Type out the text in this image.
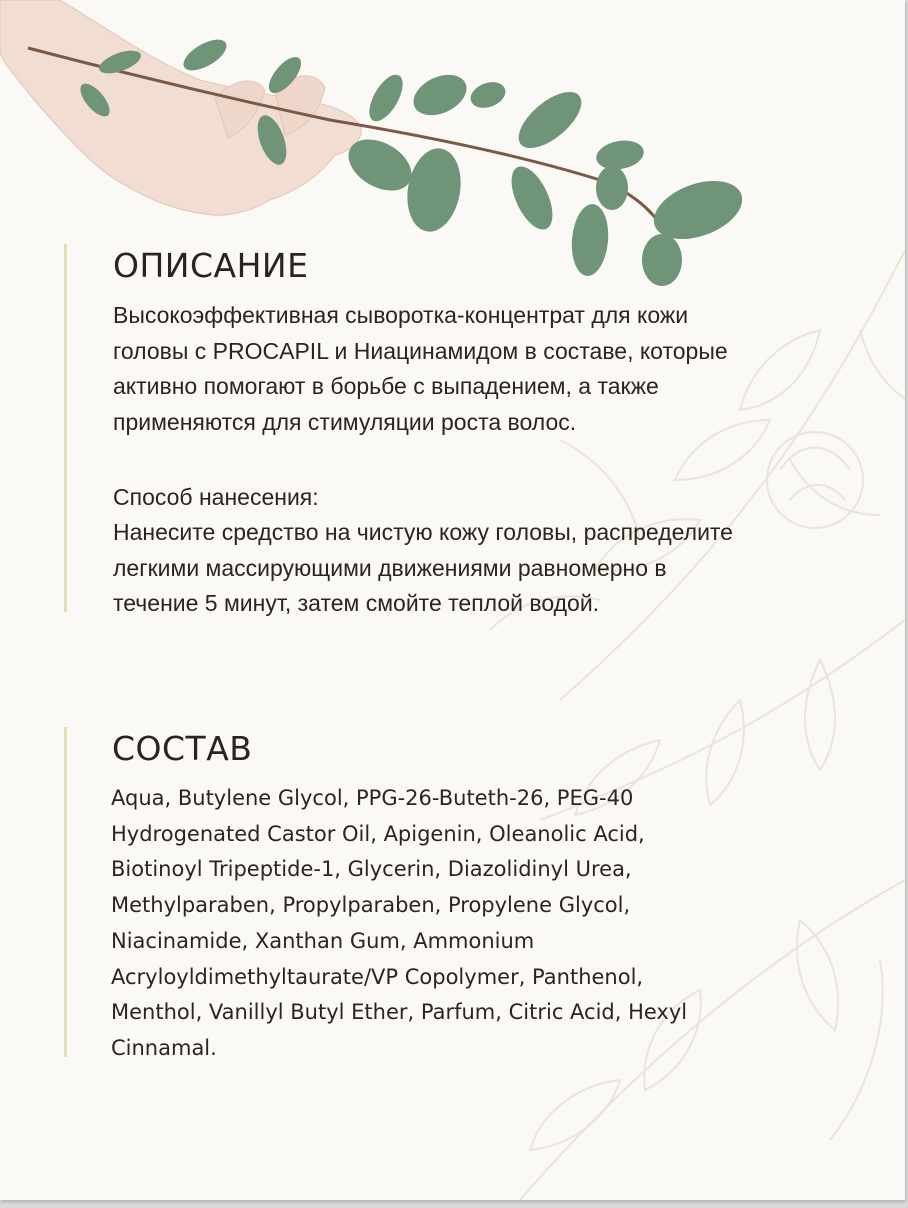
ОПИСАНИЕ

Высокоэффективная сыворотка-концентрат для кожи
головы с PROCAPIL и Ниацинамидом в составе, которые
активно помогают в борьбе с выпадением, а также
применяются для стимуляции роста волос.

Способ нанесения:

Нанесите средство на чистую кожу головы, распределите
легкими массирующими движениями равномерно в
течение 5 минут, затем смойте теплой водой.

СОСТАВ

Aqua, Butylene Glycol, PPG-26-Buteth-26, PEG-40
Hydrogenated Castor Oil, Apigenin, Oleanolic Acid,
Biotinoyl Tripeptide-1, Glycerin, Diazolidinyl Urea,
Methylparaben, Propylparaben, Propylene Glycol,
Niacinamide, Xanthan Gum, Ammonium
Acryloyldimethyltaurate/VP Copolymer, Panthenol,
Menthol, Vanillyl Butyl Ether, Parfum, Citric Acid, Hexyl
Cinnamal.
